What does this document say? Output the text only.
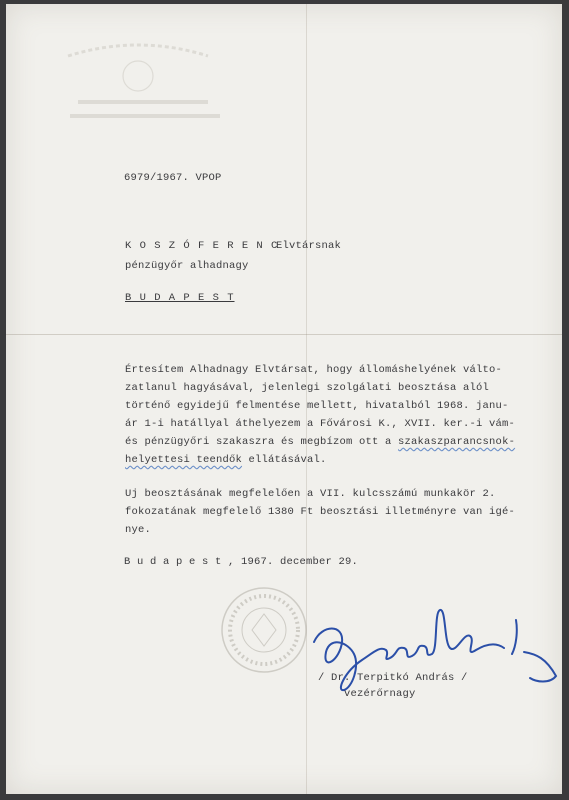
6979/1967. VPOP
K O S Z Ó F E R E N C
Elvtársnak
pénzügyőr alhadnagy
B U D A P E S T
Értesítem Alhadnagy Elvtársat, hogy állomáshelyének válto-
zatlanul hagyásával, jelenlegi szolgálati beosztása alól
történő egyidejű felmentése mellett, hivatalból 1968. janu-
ár 1-i hatállyal áthelyezem a Fővárosi K., XVII. ker.-i vám-
és pénzügyőri szakaszra és megbízom ott a szakaszparancsnok-
helyettesi teendők ellátásával.
Uj beosztásának megfelelően a VII. kulcsszámú munkakör 2.
fokozatának megfelelő 1380 Ft beosztási illetményre van igé-
nye.
B u d a p e s t , 1967. december 29.
/ Dr. Terpitkó András /
vezérőrnagy
